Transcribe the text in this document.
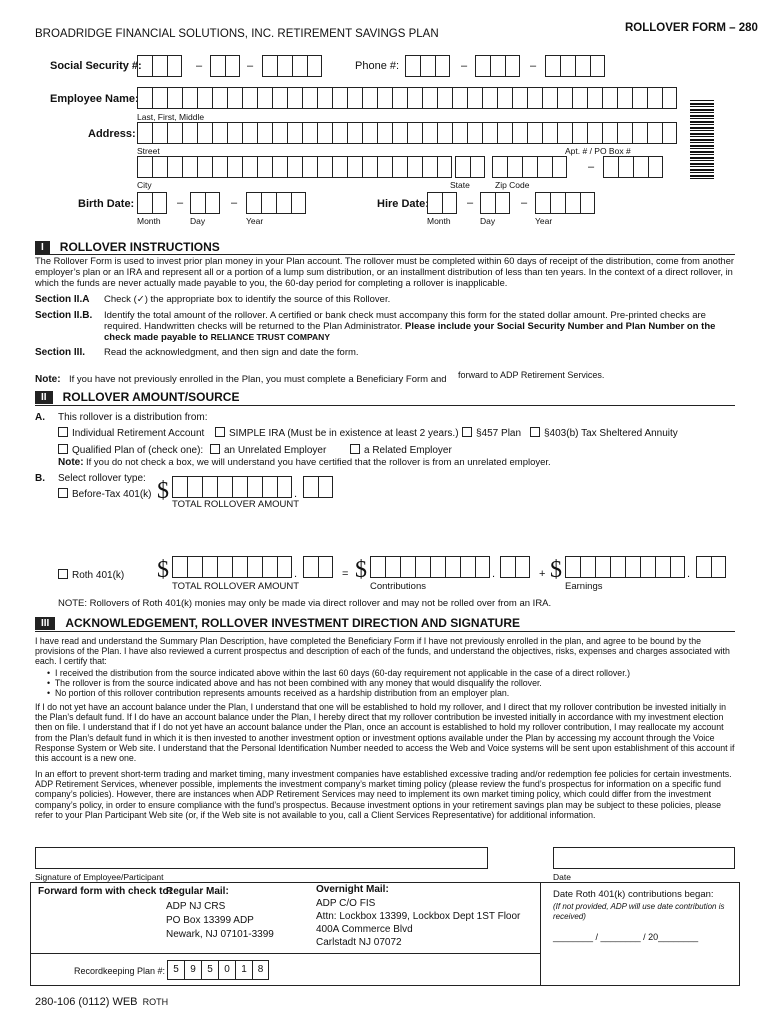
BROADRIDGE FINANCIAL SOLUTIONS, INC. RETIREMENT SAVINGS PLAN	ROLLOVER FORM – 280
Social Security #:	–	–	Phone #:	–	–
Employee Name:
Last, First, Middle
Address:
Street	Apt. # / PO Box #
–
City	State	Zip Code
Birth Date:	–	–
Month	Day	Year
Hire Date:	–	–
Month	Day	Year
I	ROLLOVER INSTRUCTIONS
The Rollover Form is used to invest prior plan money in your Plan account. The rollover must be completed within 60 days of receipt of the distribution, come from another employer’s plan or an IRA and represent all or a portion of a lump sum distribution, or an installment distribution of less than ten years. In the context of a direct rollover, in which the funds are never actually made payable to you, the 60-day period for completing a rollover is inapplicable.
Section II.A Check (✓) the appropriate box to identify the source of this Rollover.
Section II.B. Identify the total amount of the rollover. A certified or bank check must accompany this form for the stated dollar amount. Pre-printed checks are required. Handwritten checks will be returned to the Plan Administrator. Please include your Social Security Number and Plan Number on the check made payable to RELIANCE TRUST COMPANY
Section III. Read the acknowledgment, and then sign and date the form.
Note: If you have not previously enrolled in the Plan, you must complete a Beneficiary Form and forward to ADP Retirement Services.
II	ROLLOVER AMOUNT/SOURCE
A. This rollover is a distribution from:
Individual Retirement Account	SIMPLE IRA (Must be in existence at least 2 years.)	§457 Plan	§403(b) Tax Sheltered Annuity
Qualified Plan of (check one):	an Unrelated Employer	a Related Employer
Note: If you do not check a box, we will understand you have certified that the rollover is from an unrelated employer.
B. Select rollover type:
Before-Tax 401(k) $	.
TOTAL ROLLOVER AMOUNT
Roth 401(k) $	.	= $	.	+ $	.
TOTAL ROLLOVER AMOUNT	Contributions	Earnings
NOTE: Rollovers of Roth 401(k) monies may only be made via direct rollover and may not be rolled over from an IRA.
III	ACKNOWLEDGEMENT, ROLLOVER INVESTMENT DIRECTION AND SIGNATURE
I have read and understand the Summary Plan Description, have completed the Beneficiary Form if I have not previously enrolled in the plan, and agree to be bound by the provisions of the Plan. I have also reviewed a current prospectus and description of each of the funds, and understand the objectives, risks, expenses and charges associated with each. I certify that:
•  I received the distribution from the source indicated above within the last 60 days (60-day requirement not applicable in the case of a direct rollover.)
•  The rollover is from the source indicated above and has not been combined with any money that would disqualify the rollover.
•  No portion of this rollover contribution represents amounts received as a hardship distribution from an employer plan.
If I do not yet have an account balance under the Plan, I understand that one will be established to hold my rollover, and I direct that my rollover contribution be invested initially in the Plan’s default fund. If I do have an account balance under the Plan, I hereby direct that my rollover contribution be invested initially in accordance with my investment election then on file. I understand that if I do not yet have an account balance under the Plan, once an account is established to hold my rollover contribution, I may reallocate my account from the Plan’s default fund in which it is then invested to another investment option or investment options available under the Plan by accessing my account through the Voice Response System or Web site. I understand that the Personal Identification Number needed to access the Web and Voice systems will be sent upon establishment of this account if this account is a new one.
In an effort to prevent short-term trading and market timing, many investment companies have established excessive trading and/or redemption fee policies for certain investments. ADP Retirement Services, whenever possible, implements the investment company’s market timing policy (please review the fund’s prospectus for information on a specific fund company’s policies). However, there are instances when ADP Retirement Services may need to implement its own market timing policy, which could differ from the investment company’s policy, in order to ensure compliance with the fund’s prospectus. Because investment options in your retirement savings plan may be subject to these policies, please refer to your Plan Participant Web site (or, if the Web site is not available to you, call a Client Services Representative) for additional information.
Signature of Employee/Participant	Date
Forward form with check to:
Regular Mail:
ADP NJ CRS
PO Box 13399 ADP
Newark, NJ 07101-3399
Overnight Mail:
ADP C/O FIS
Attn: Lockbox 13399, Lockbox Dept 1ST Floor
400A Commerce Blvd
Carlstadt NJ 07072
Date Roth 401(k) contributions began:
(If not provided, ADP will use date contribution is received)
________ / ________ / 20________
Recordkeeping Plan #: 5	9	5	0	1	8
280-106 (0112) WEB ROTH
